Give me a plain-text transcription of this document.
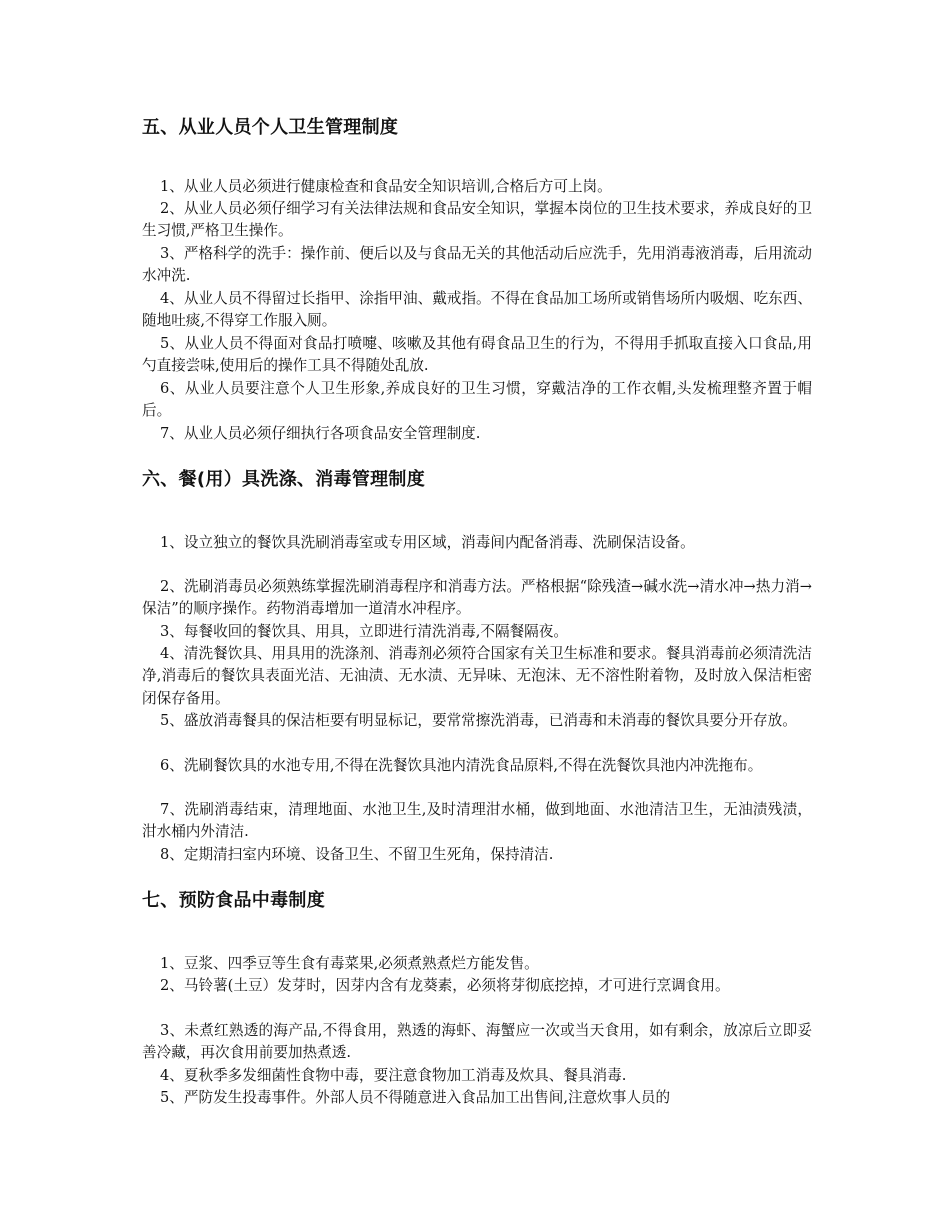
五、从业人员个人卫生管理制度

1、从业人员必须进行健康检查和食品安全知识培训,合格后方可上岗。

2、从业人员必须仔细学习有关法律法规和食品安全知识，掌握本岗位的卫生技术要求，养成良好的卫生习惯,严格卫生操作。

3、严格科学的洗手：操作前、便后以及与食品无关的其他活动后应洗手，先用消毒液消毒，后用流动水冲洗.

4、从业人员不得留过长指甲、涂指甲油、戴戒指。不得在食品加工场所或销售场所内吸烟、吃东西、随地吐痰,不得穿工作服入厕。

5、从业人员不得面对食品打喷嚏、咳嗽及其他有碍食品卫生的行为，不得用手抓取直接入口食品,用勺直接尝味,使用后的操作工具不得随处乱放.

6、从业人员要注意个人卫生形象,养成良好的卫生习惯，穿戴洁净的工作衣帽,头发梳理整齐置于帽后。

7、从业人员必须仔细执行各项食品安全管理制度.

六、餐(用）具洗涤、消毒管理制度

1、设立独立的餐饮具洗刷消毒室或专用区域，消毒间内配备消毒、洗刷保洁设备。

2、洗刷消毒员必须熟练掌握洗刷消毒程序和消毒方法。严格根据“除残渣→碱水洗→清水冲→热力消→保洁”的顺序操作。药物消毒增加一道清水冲程序。

3、每餐收回的餐饮具、用具，立即进行清洗消毒,不隔餐隔夜。

4、清洗餐饮具、用具用的洗涤剂、消毒剂必须符合国家有关卫生标准和要求。餐具消毒前必须清洗洁净,消毒后的餐饮具表面光洁、无油渍、无水渍、无异味、无泡沫、无不溶性附着物，及时放入保洁柜密闭保存备用。

5、盛放消毒餐具的保洁柜要有明显标记，要常常擦洗消毒，已消毒和未消毒的餐饮具要分开存放。

6、洗刷餐饮具的水池专用,不得在洗餐饮具池内清洗食品原料,不得在洗餐饮具池内冲洗拖布。

7、洗刷消毒结束，清理地面、水池卫生,及时清理泔水桶，做到地面、水池清洁卫生，无油渍残渍，泔水桶内外清洁.

8、定期清扫室内环境、设备卫生、不留卫生死角，保持清洁.

七、预防食品中毒制度

1、豆浆、四季豆等生食有毒菜果,必须煮熟煮烂方能发售。

2、马铃薯(土豆）发芽时，因芽内含有龙葵素，必须将芽彻底挖掉，才可进行烹调食用。

3、未煮红熟透的海产品,不得食用，熟透的海虾、海蟹应一次或当天食用，如有剩余，放凉后立即妥善冷藏，再次食用前要加热煮透.

4、夏秋季多发细菌性食物中毒，要注意食物加工消毒及炊具、餐具消毒.

5、严防发生投毒事件。外部人员不得随意进入食品加工出售间,注意炊事人员的
